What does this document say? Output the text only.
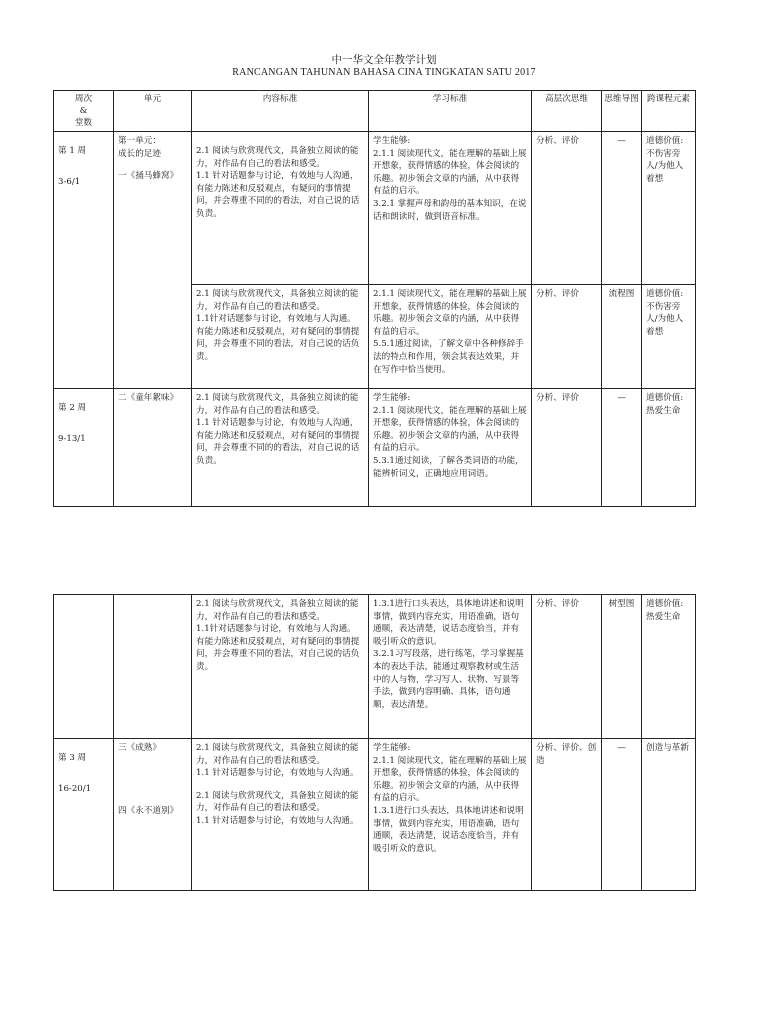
中一华文全年教学计划
RANCANGAN TAHUNAN BAHASA CINA TINGKATAN SATU 2017
周次
&
堂数	单元	内容标准	学习标准	高层次思维	思维导图	跨课程元素

第 1 周
3-6/1	第一单元：
成长的足迹
一《捅马蜂窝》	2.1 阅读与欣赏现代文，具备独立阅读的能力，对作品有自己的看法和感受。
1.1 针对话题参与讨论，有效地与人沟通，有能力陈述和反驳观点，有疑问的事情提问，并会尊重不同的的看法，对自己说的话负责。	学生能够:
2.1.1 阅读现代文，能在理解的基础上展开想象，获得情感的体验，体会阅读的乐趣。初步领会文章的内涵，从中获得有益的启示。
3.2.1 掌握声母和韵母的基本知识，在说话和朗读时，做到语音标准。	分析、评价	—	道德价值:
不伤害旁人/为他人着想
		2.1 阅读与欣赏现代文，具备独立阅读的能力，对作品有自己的看法和感受。
1.1针对话题参与讨论，有效地与人沟通。有能力陈述和反驳观点，对有疑问的事情提问，并会尊重不同的看法，对自己说的话负责。	2.1.1 阅读现代文，能在理解的基础上展开想象，获得情感的体验，体会阅读的乐趣。初步领会文章的内涵，从中获得有益的启示。
5.5.1通过阅读，了解文章中各种修辞手法的特点和作用，领会其表达效果，并在写作中恰当使用。	分析、评价	流程图	道德价值:
不伤害旁人/为他人着想

第 2 周
9-13/1	二《童年絮味》	2.1 阅读与欣赏现代文，具备独立阅读的能力，对作品有自己的看法和感受。
1.1 针对话题参与讨论，有效地与人沟通，有能力陈述和反驳观点，对有疑问的事情提问，并会尊重不同的的看法，对自己说的话负责。	学生能够:
2.1.1 阅读现代文，能在理解的基础上展开想象，获得情感的体验，体会阅读的乐趣。初步领会文章的内涵，从中获得有益的启示。
5.3.1通过阅读，了解各类词语的功能，能辨析词义，正确地应用词语。	分析、评价	—	道德价值:
热爱生命
		2.1 阅读与欣赏现代文，具备独立阅读的能力，对作品有自己的看法和感受。
1.1针对话题参与讨论，有效地与人沟通。有能力陈述和反驳观点，对有疑问的事情提问，并会尊重不同的看法，对自己说的话负责。	1.3.1进行口头表达，具体地讲述和说明事情，做到内容充实，用语准确，语句通顺，表达清楚，说话态度恰当，并有吸引听众的意识。
3.2.1习写段落，进行练笔，学习掌握基本的表达手法，能通过观察教材或生活中的人与物，学习写人、状物、写景等手法，做到内容明确、具体，语句通顺，表达清楚。	分析、评价	树型图	道德价值:
热爱生命

第 3 周
16-20/1	三《成熟》
四《永不道别》	2.1 阅读与欣赏现代文，具备独立阅读的能力，对作品有自己的看法和感受。
1.1 针对话题参与讨论，有效地与人沟通。
2.1 阅读与欣赏现代文，具备独立阅读的能力，对作品有自己的看法和感受。
1.1 针对话题参与讨论，有效地与人沟通。	学生能够:
2.1.1 阅读现代文，能在理解的基础上展开想象，获得情感的体验，体会阅读的乐趣。初步领会文章的内涵，从中获得有益的启示。
1.3.1进行口头表达，具体地讲述和说明事情，做到内容充实，用语准确，语句通顺，表达清楚，说话态度恰当，并有吸引听众的意识。	分析、评价、创造	—	创造与革新
